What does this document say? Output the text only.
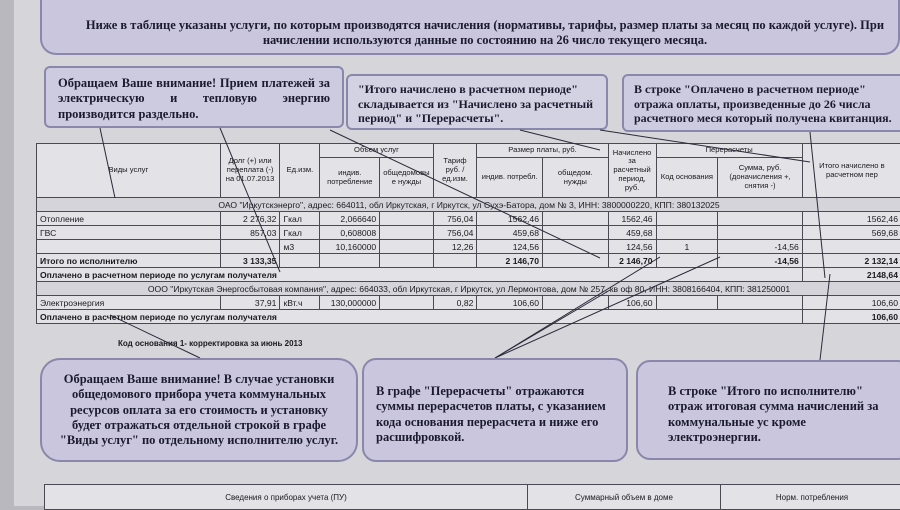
Ниже в таблице указаны услуги, по которым производятся начисления (нормативы, тарифы, размер платы за месяц по каждой услуге). При начислении используются данные по состоянию на 26 число текущего месяца.
Обращаем Ваше внимание! Прием платежей за электрическую и тепловую энергию производится раздельно.
"Итого начислено в расчетном периоде" складывается из "Начислено за расчетный период" и "Перерасчеты".
В строке "Оплачено в расчетном периоде" отража оплаты, произведенные до 26 числа расчетного меся который получена квитанция.
Виды услуг	Долг (+) или переплата (-) на 01.07.2013	Ед.изм.	Объем услуг		Тариф руб. / ед.изм.	Размер платы, руб.		Начислено за расчетный период, руб.	Перерасчеты		Итого начислено в расчетном пер
			индив. потребление	общедомовы е нужды		индив. потребл.	общедом. нужды		Код основания	Сумма, руб. (доначисления +, снятия -)	
ОАО "Иркутскэнерго", адрес: 664011, обл Иркутская, г Иркутск, ул Сухэ-Батора, дом № 3, ИНН: 3800000220, КПП: 380132025											
Отопление	2 276,32	Гкал	2,066640		756,04	1562,46		1562,46			1562,46
ГВС	857,03	Гкал	0,608008		756,04	459,68		459,68			569,68
		м3	10,160000		12,26	124,56		124,56	1	-14,56	
Итого по исполнителю	3 133,35					2 146,70		2 146,70		-14,56	2 132,14
Оплачено в расчетном периоде по услугам получателя											2148,64
ООО "Иркутская Энергосбытовая компания", адрес: 664033, обл Иркутская, г Иркутск, ул Лермонтова, дом № 257, кв оф 80, ИНН: 3808166404, КПП: 381250001											
Электроэнергия	37,91	кВт.ч	130,000000		0,82	106,60		106,60			106,60
Оплачено в расчетном периоде по услугам получателя											106,60
Код основания 1- корректировка за июнь 2013
Обращаем Ваше внимание! В случае установки общедомового прибора учета коммунальных ресурсов оплата за его стоимость и установку будет отражаться отдельной строкой в графе "Виды услуг" по отдельному исполнителю услуг.
В графе "Перерасчеты" отражаются суммы перерасчетов платы, с указанием кода основания перерасчета и ниже его расшифровкой.
В строке "Итого по исполнителю" отраж итоговая сумма начислений за коммунальные ус кроме электроэнергии.
Сведения о приборах учета (ПУ)	Суммарный объем в доме	Норм. потребления
